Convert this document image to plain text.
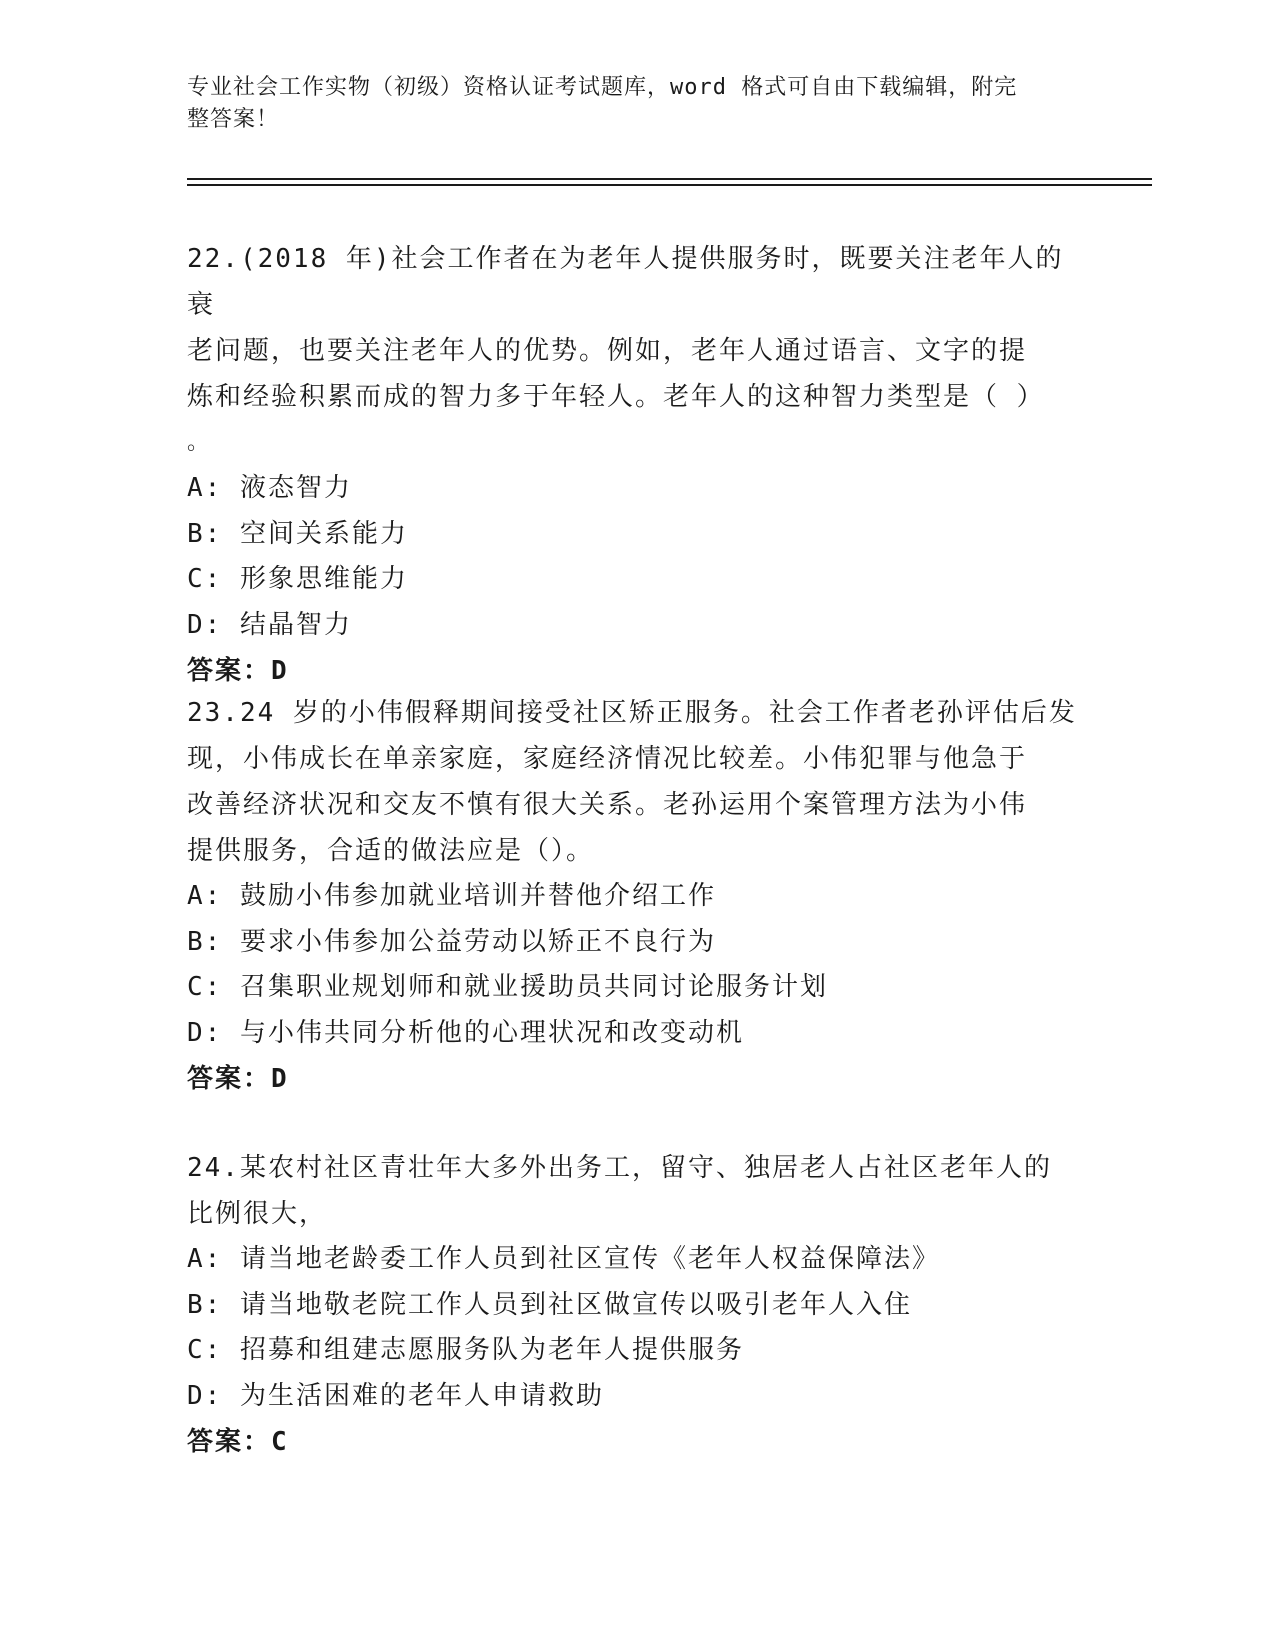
专业社会工作实物（初级）资格认证考试题库，word 格式可自由下载编辑，附完
整答案！
22.(2018 年)社会工作者在为老年人提供服务时，既要关注老年人的衰
老问题，也要关注老年人的优势。例如，老年人通过语言、文字的提
炼和经验积累而成的智力多于年轻人。老年人的这种智力类型是（ ）
。
A: 液态智力
B: 空间关系能力
C: 形象思维能力
D: 结晶智力
答案：D
23.24 岁的小伟假释期间接受社区矫正服务。社会工作者老孙评估后发
现，小伟成长在单亲家庭，家庭经济情况比较差。小伟犯罪与他急于
改善经济状况和交友不慎有很大关系。老孙运用个案管理方法为小伟
提供服务，合适的做法应是（）。
A: 鼓励小伟参加就业培训并替他介绍工作
B: 要求小伟参加公益劳动以矫正不良行为
C: 召集职业规划师和就业援助员共同讨论服务计划
D: 与小伟共同分析他的心理状况和改变动机
答案：D
24.某农村社区青壮年大多外出务工，留守、独居老人占社区老年人的
比例很大，
A: 请当地老龄委工作人员到社区宣传《老年人权益保障法》
B: 请当地敬老院工作人员到社区做宣传以吸引老年人入住
C: 招募和组建志愿服务队为老年人提供服务
D: 为生活困难的老年人申请救助
答案：C
